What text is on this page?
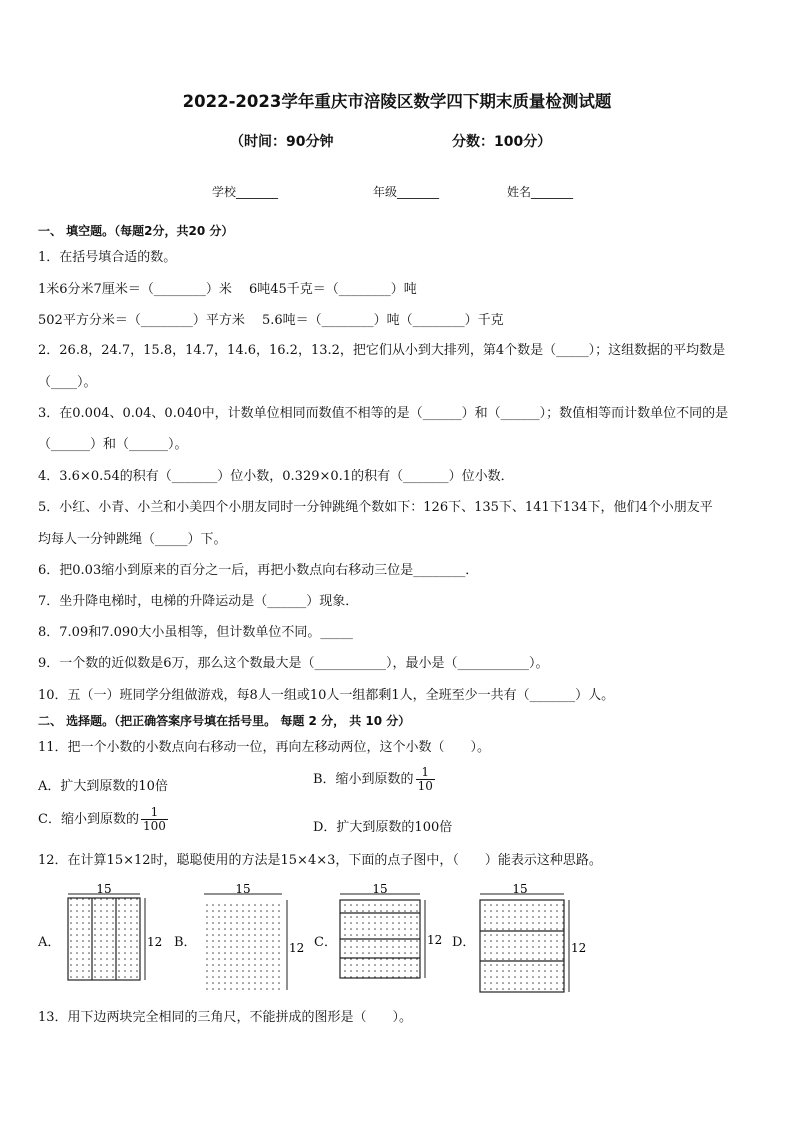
2022-2023学年重庆市涪陵区数学四下期末质量检测试题
（时间：90分钟	分数：100分）
学校_______	年级_______	姓名_______
一、 填空题。（每题2分，共20 分）
1．在括号填合适的数。
1米6分米7厘米＝（________）米　 6吨45千克＝（________）吨
502平方分米＝（________）平方米　 5.6吨＝（________）吨（________）千克
2．26.8，24.7，15.8，14.7，14.6，16.2，13.2，把它们从小到大排列，第4个数是（_____）；这组数据的平均数是
（____）。
3．在0.004、0.04、0.040中，计数单位相同而数值不相等的是（______）和（______）；数值相等而计数单位不同的是
（______）和（______）。
4．3.6×0.54的积有（_______）位小数，0.329×0.1的积有（_______）位小数．
5．小红、小青、小兰和小美四个小朋友同时一分钟跳绳个数如下：126下、135下、141下134下，他们4个小朋友平
均每人一分钟跳绳（_____）下。
6．把0.03缩小到原来的百分之一后，再把小数点向右移动三位是________．
7．坐升降电梯时，电梯的升降运动是（______）现象．
8．7.09和7.090大小虽相等，但计数单位不同。_____
9．一个数的近似数是6万，那么这个数最大是（___________），最小是（___________）。
10．五（一）班同学分组做游戏，每8人一组或10人一组都剩1人，全班至少一共有（_______）人。
二、 选择题。（把正确答案序号填在括号里。 每题 2 分， 共 10 分）
11．把一个小数的小数点向右移动一位，再向左移动两位，这个小数（　　）。
A．扩大到原数的10倍	B．缩小到原数的 $\frac{1}{10}$
C．缩小到原数的 $\frac{1}{100}$	D．扩大到原数的100倍
12．在计算15×12时，聪聪使用的方法是15×4×3，下面的点子图中，（　　）能表示这种思路。
A．	B．	C．	D．
15
12
15
12
15
12
15
12
13．用下边两块完全相同的三角尺，不能拼成的图形是（　　）。
